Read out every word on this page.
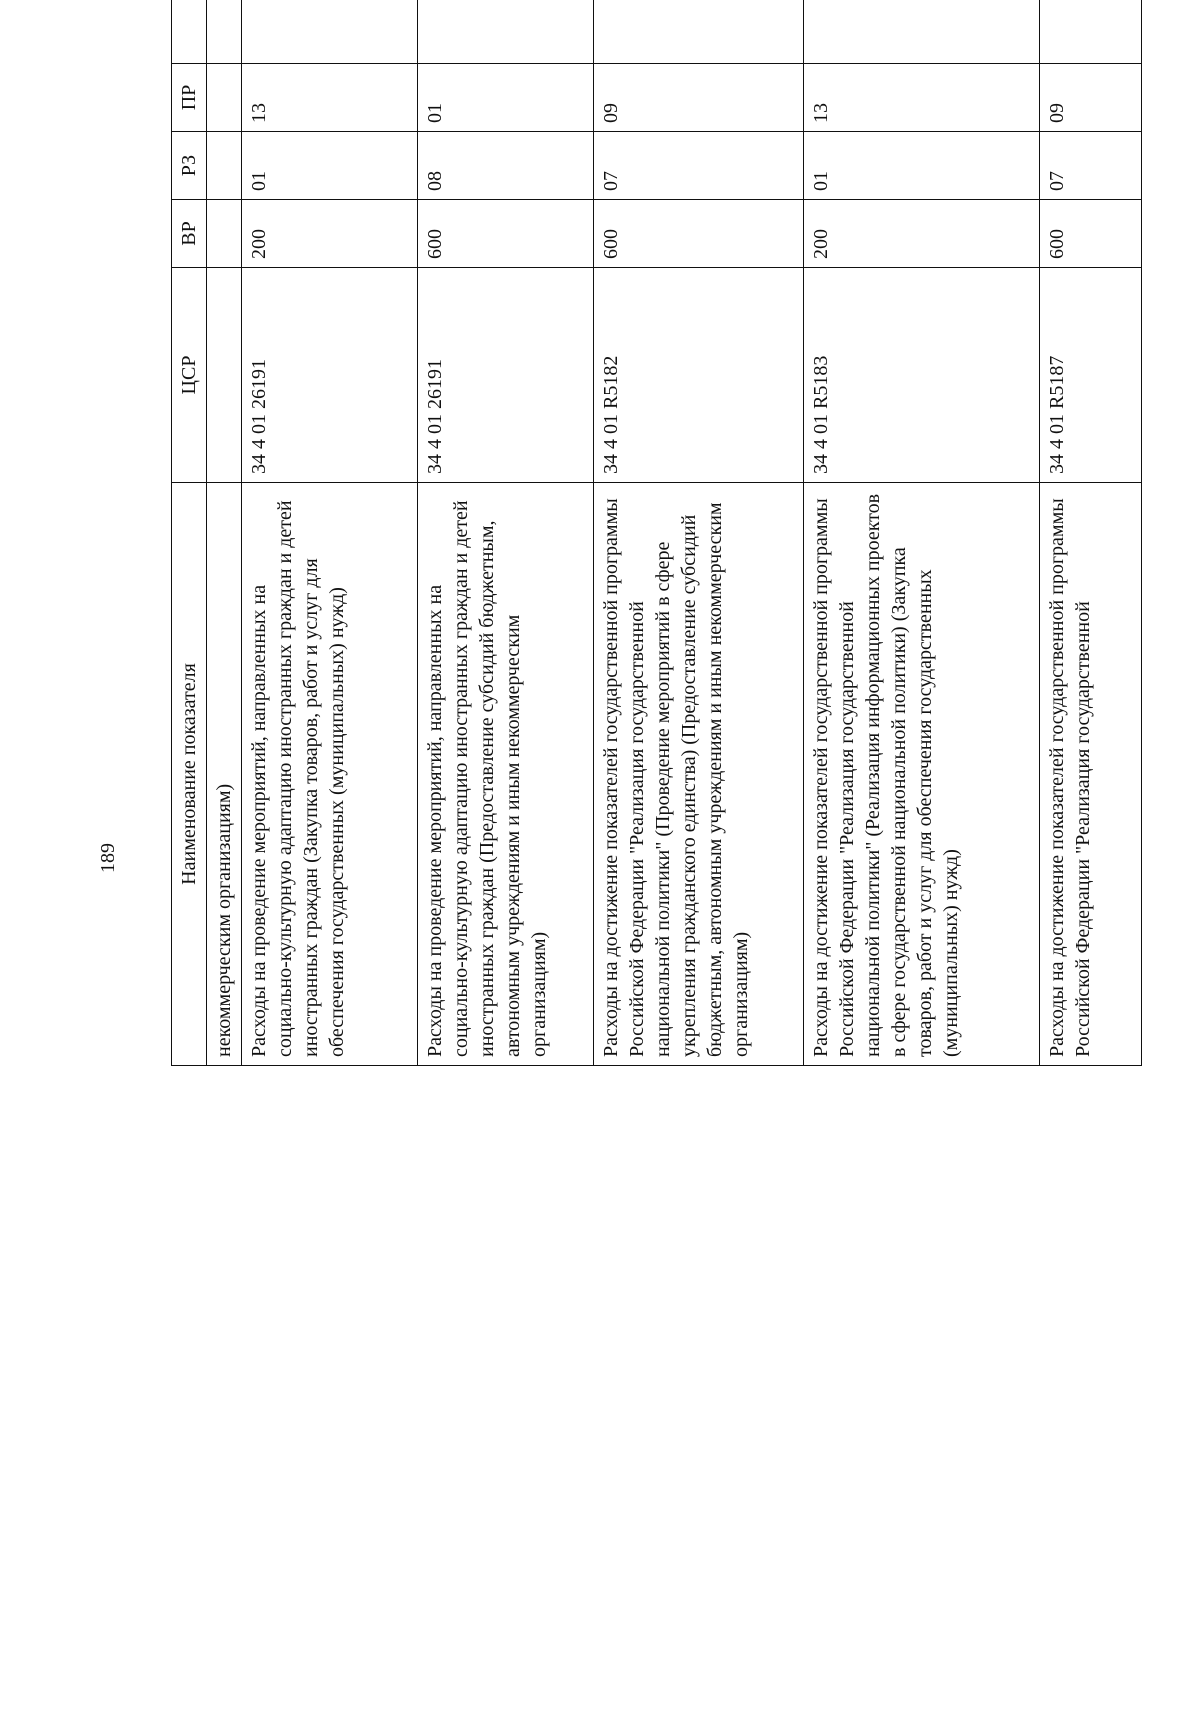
189	Наименование показателя	ЦСР	ВР	РЗ	ПР			
некоммерческим организациям)							
Расходы на проведение мероприятий, направленных на социально-культурную адаптацию иностранных граждан и детей иностранных граждан (Закупка товаров, работ и услуг для обеспечения государственных (муниципальных) нужд)	34 4 01 26191	200	01	13			
Расходы на проведение мероприятий, направленных на социально-культурную адаптацию иностранных граждан и детей иностранных граждан (Предоставление субсидий бюджетным, автономным учреждениям и иным некоммерческим организациям)	34 4 01 26191	600	08	01			
Расходы на достижение показателей государственной программы Российской Федерации "Реализация государственной национальной политики" (Проведение мероприятий в сфере укрепления гражданского единства) (Предоставление субсидий бюджетным, автономным учреждениям и иным некоммерческим организациям)	34 4 01 R5182	600	07	09			
Расходы на достижение показателей государственной программы Российской Федерации "Реализация государственной национальной политики" (Реализация информационных проектов в сфере государственной национальной политики) (Закупка товаров, работ и услуг для обеспечения государственных (муниципальных) нужд)	34 4 01 R5183	200	01	13			
Расходы на достижение показателей государственной программы Российской Федерации "Реализация государственной	34 4 01 R5187	600	07	09			
